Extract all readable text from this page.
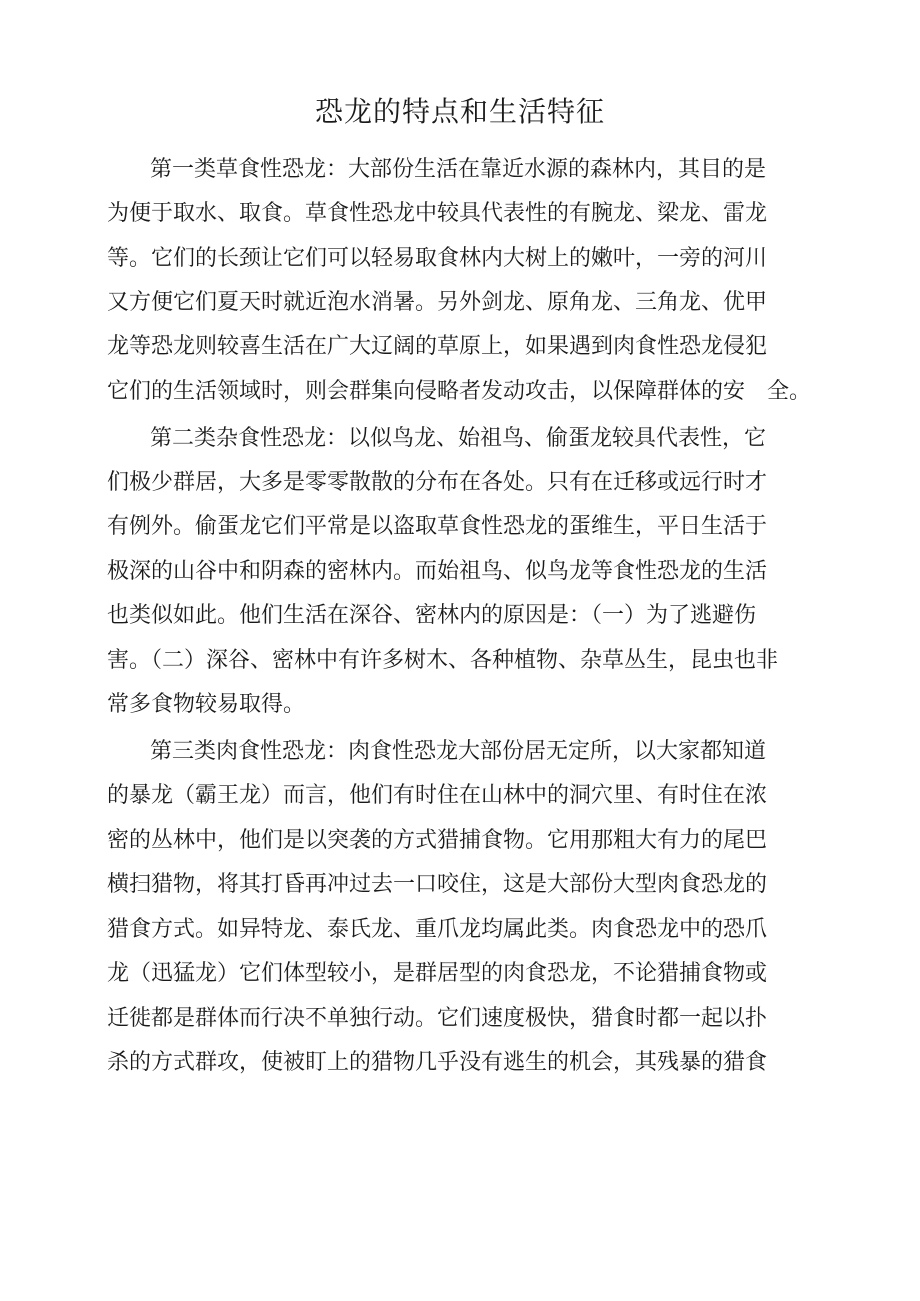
恐龙的特点和生活特征
第一类草食性恐龙：大部份生活在靠近水源的森林内，其目的是
为便于取水、取食。草食性恐龙中较具代表性的有腕龙、梁龙、雷龙
等。它们的长颈让它们可以轻易取食林内大树上的嫩叶，一旁的河川
又方便它们夏天时就近泡水消暑。另外剑龙、原角龙、三角龙、优甲
龙等恐龙则较喜生活在广大辽阔的草原上，如果遇到肉食性恐龙侵犯
它们的生活领域时，则会群集向侵略者发动攻击，以保障群体的安　全。
第二类杂食性恐龙：以似鸟龙、始祖鸟、偷蛋龙较具代表性，它
们极少群居，大多是零零散散的分布在各处。只有在迁移或远行时才
有例外。偷蛋龙它们平常是以盗取草食性恐龙的蛋维生，平日生活于
极深的山谷中和阴森的密林内。而始祖鸟、似鸟龙等食性恐龙的生活
也类似如此。他们生活在深谷、密林内的原因是：（一）为了逃避伤
害。（二）深谷、密林中有许多树木、各种植物、杂草丛生，昆虫也非
常多食物较易取得。
第三类肉食性恐龙：肉食性恐龙大部份居无定所，以大家都知道
的暴龙（霸王龙）而言，他们有时住在山林中的洞穴里、有时住在浓
密的丛林中，他们是以突袭的方式猎捕食物。它用那粗大有力的尾巴
横扫猎物，将其打昏再冲过去一口咬住，这是大部份大型肉食恐龙的
猎食方式。如异特龙、泰氏龙、重爪龙均属此类。肉食恐龙中的恐爪
龙（迅猛龙）它们体型较小，是群居型的肉食恐龙，不论猎捕食物或
迁徙都是群体而行决不单独行动。它们速度极快，猎食时都一起以扑
杀的方式群攻，使被盯上的猎物几乎没有逃生的机会，其残暴的猎食
